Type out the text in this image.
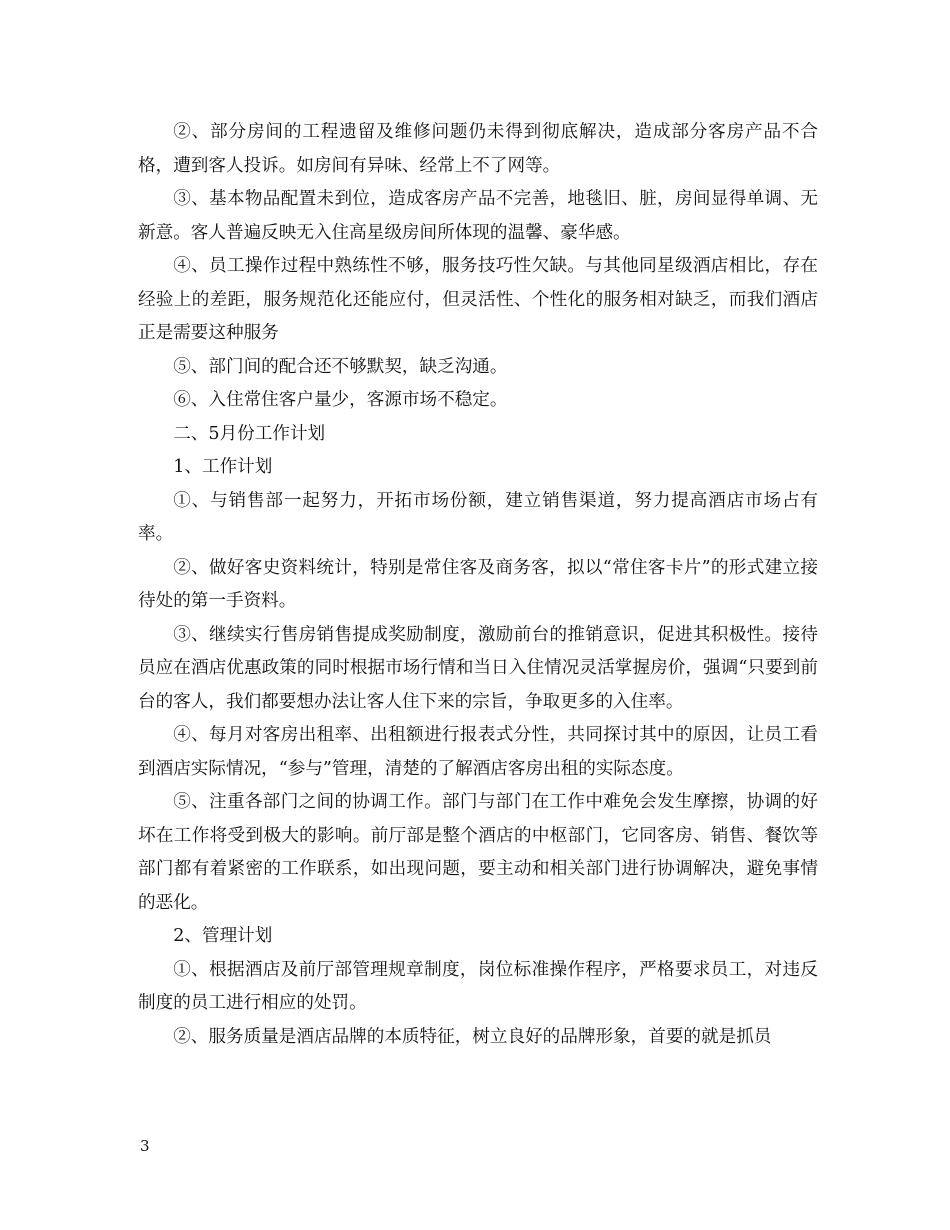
②、部分房间的工程遗留及维修问题仍未得到彻底解决，造成部分客房产品不合格，遭到客人投诉。如房间有异味、经常上不了网等。

③、基本物品配置未到位，造成客房产品不完善，地毯旧、脏，房间显得单调、无新意。客人普遍反映无入住高星级房间所体现的温馨、豪华感。

④、员工操作过程中熟练性不够，服务技巧性欠缺。与其他同星级酒店相比，存在经验上的差距，服务规范化还能应付，但灵活性、个性化的服务相对缺乏，而我们酒店正是需要这种服务

⑤、部门间的配合还不够默契，缺乏沟通。

⑥、入住常住客户量少，客源市场不稳定。

二、5月份工作计划

1、工作计划

①、与销售部一起努力，开拓市场份额，建立销售渠道，努力提高酒店市场占有率。

②、做好客史资料统计，特别是常住客及商务客，拟以“常住客卡片”的形式建立接待处的第一手资料。

③、继续实行售房销售提成奖励制度，激励前台的推销意识，促进其积极性。接待员应在酒店优惠政策的同时根据市场行情和当日入住情况灵活掌握房价，强调“只要到前台的客人，我们都要想办法让客人住下来的宗旨，争取更多的入住率。

④、每月对客房出租率、出租额进行报表式分性，共同探讨其中的原因，让员工看到酒店实际情况，“参与”管理，清楚的了解酒店客房出租的实际态度。

⑤、注重各部门之间的协调工作。部门与部门在工作中难免会发生摩擦，协调的好坏在工作将受到极大的影响。前厅部是整个酒店的中枢部门，它同客房、销售、餐饮等部门都有着紧密的工作联系，如出现问题，要主动和相关部门进行协调解决，避免事情的恶化。

2、管理计划

①、根据酒店及前厅部管理规章制度，岗位标准操作程序，严格要求员工，对违反制度的员工进行相应的处罚。

②、服务质量是酒店品牌的本质特征，树立良好的品牌形象，首要的就是抓员

3
